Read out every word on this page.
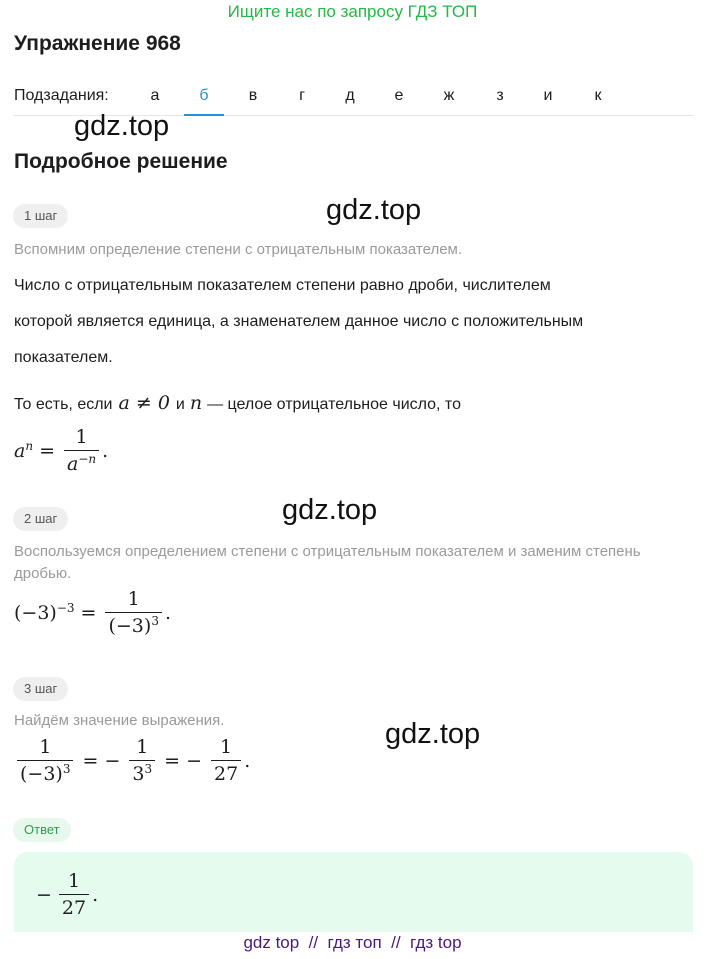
Ищите нас по запросу ГДЗ ТОП
Упражнение 968
Подзадания:	а	б	в	г	д	е	ж	з	и	к
gdz.top
gdz.top
gdz.top
gdz.top
Подробное решение
1 шаг
Вспомним определение степени с отрицательным показателем.
Число с отрицательным показателем степени равно дроби, числителем
которой является единица, а знаменателем данное число с положительным
показателем.
То есть, если a ≠ 0 и n — целое отрицательное число, то
$a^n = \frac{1}{a^{-n}}$ .
2 шаг
Воспользуемся определением степени с отрицательным показателем и заменим степень дробью.
$(-3)^{-3} = \frac{1}{(-3)^3}$ .
3 шаг
Найдём значение выражения.
$\frac{1}{(-3)^3}$ = − $\frac{1}{3^3}$ = − $\frac{1}{27}$ .
Ответ
− $\frac{1}{27}$ .
gdz top  //  гдз топ  //  гдз top
